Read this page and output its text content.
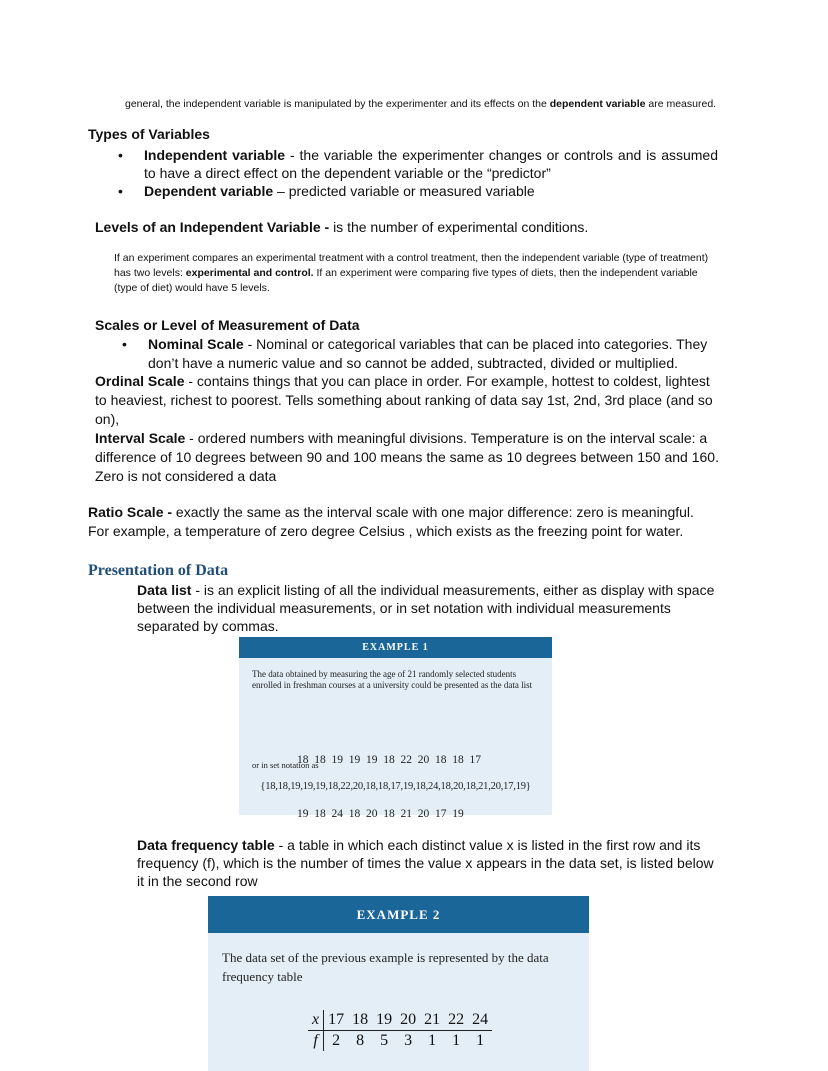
general, the independent variable is manipulated by the experimenter and its effects on the dependent variable are measured.
Types of Variables
• Independent variable - the variable the experimenter changes or controls and is assumed to have a direct effect on the dependent variable or the “predictor”
• Dependent variable – predicted variable or measured variable
Levels of an Independent Variable - is the number of experimental conditions.
If an experiment compares an experimental treatment with a control treatment, then the independent variable (type of treatment) has two levels: experimental and control. If an experiment were comparing five types of diets, then the independent variable (type of diet) would have 5 levels.
Scales or Level of Measurement of Data
• Nominal Scale - Nominal or categorical variables that can be placed into categories. They don’t have a numeric value and so cannot be added, subtracted, divided or multiplied.
Ordinal Scale - contains things that you can place in order. For example, hottest to coldest, lightest to heaviest, richest to poorest. Tells something about ranking of data say 1st, 2nd, 3rd place (and so on),
Interval Scale - ordered numbers with meaningful divisions. Temperature is on the interval scale: a difference of 10 degrees between 90 and 100 means the same as 10 degrees between 150 and 160. Zero is not considered a data
Ratio Scale - exactly the same as the interval scale with one major difference: zero is meaningful.
For example, a temperature of zero degree Celsius , which exists as the freezing point for water.
Presentation of Data
Data list - is an explicit listing of all the individual measurements, either as display with space between the individual measurements, or in set notation with individual measurements separated by commas.
EXAMPLE 1
The data obtained by measuring the age of 21 randomly selected students enrolled in freshman courses at a university could be presented as the data list

18  18  19  19  19  18  22  20  18  18  17

19  18  24  18  20  18  21  20  17  19

or in set notation as
{18,18,19,19,19,18,22,20,18,18,17,19,18,24,18,20,18,21,20,17,19}
Data frequency table - a table in which each distinct value x is listed in the first row and its frequency (f), which is the number of times the value x appears in the data set, is listed below it in the second row
EXAMPLE 2
The data set of the previous example is represented by the data frequency table
x	17	18	19	20	21	22	24
f	2	8	5	3	1	1	1
